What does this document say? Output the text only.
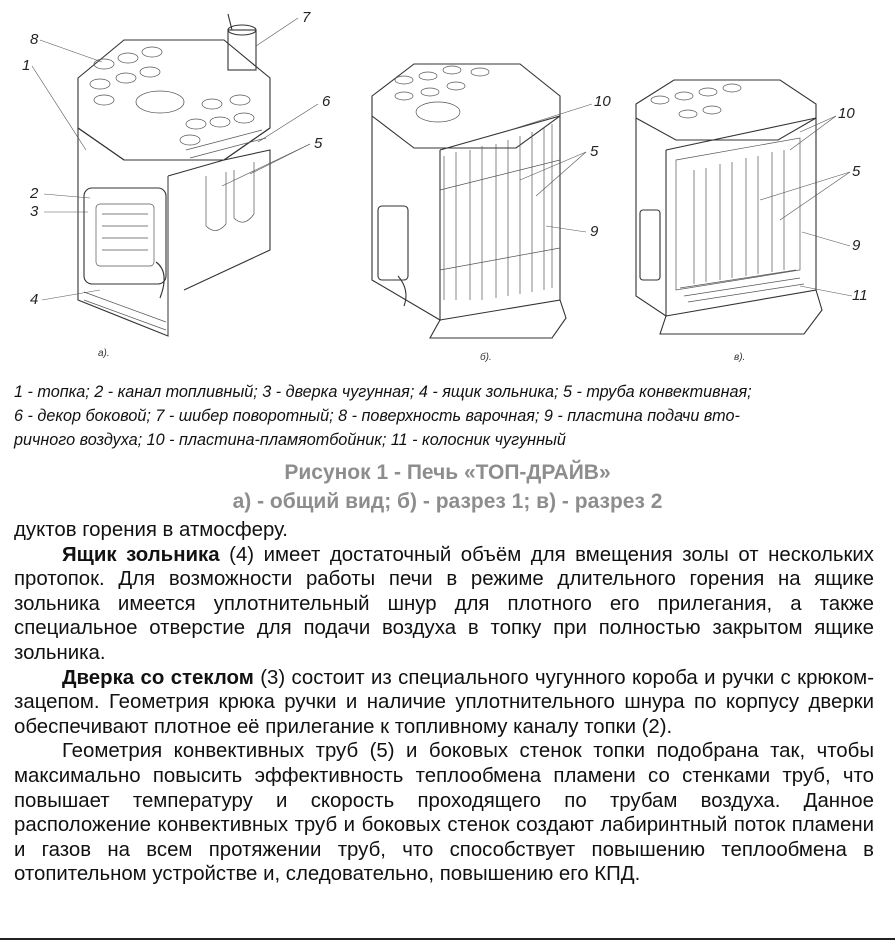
8
1
7
6
5
2
3
4
а).
10
5
9
б).
10
5
9
11
в).
1 - топка; 2 - канал топливный; 3 - дверка чугунная; 4 - ящик зольника; 5 - труба конвективная;
6 - декор боковой; 7 - шибер поворотный; 8 - поверхность варочная; 9 - пластина подачи вто-
ричного воздуха; 10 - пластина-пламяотбойник; 11 - колосник чугунный
Рисунок 1 - Печь «ТОП-ДРАЙВ»
а) - общий вид; б) - разрез 1; в) - разрез 2

дуктов горения в атмосферу.

Ящик зольника (4) имеет достаточный объём для вмещения золы от нескольких протопок. Для возможности работы печи в режиме длительного горения на ящике зольника имеется уплотнительный шнур для плотного его прилегания, а также специальное отверстие для подачи воздуха в топку при полностью закрытом ящике зольника.

Дверка со стеклом (3) состоит из специального чугунного короба и ручки с крюком-зацепом. Геометрия крюка ручки и наличие уплотнительного шнура по корпусу дверки обеспечивают плотное её прилегание к топливному каналу топки (2).

Геометрия конвективных труб (5) и боковых стенок топки подобрана так, чтобы максимально повысить эффективность теплообмена пламени со стенками труб, что повышает температуру и скорость проходящего по трубам воздуха. Данное расположение конвективных труб и боковых стенок создают лабиринтный поток пламени и газов на всем протяжении труб, что способствует повышению теплообмена в отопительном устройстве и, следовательно, повышению его КПД.
